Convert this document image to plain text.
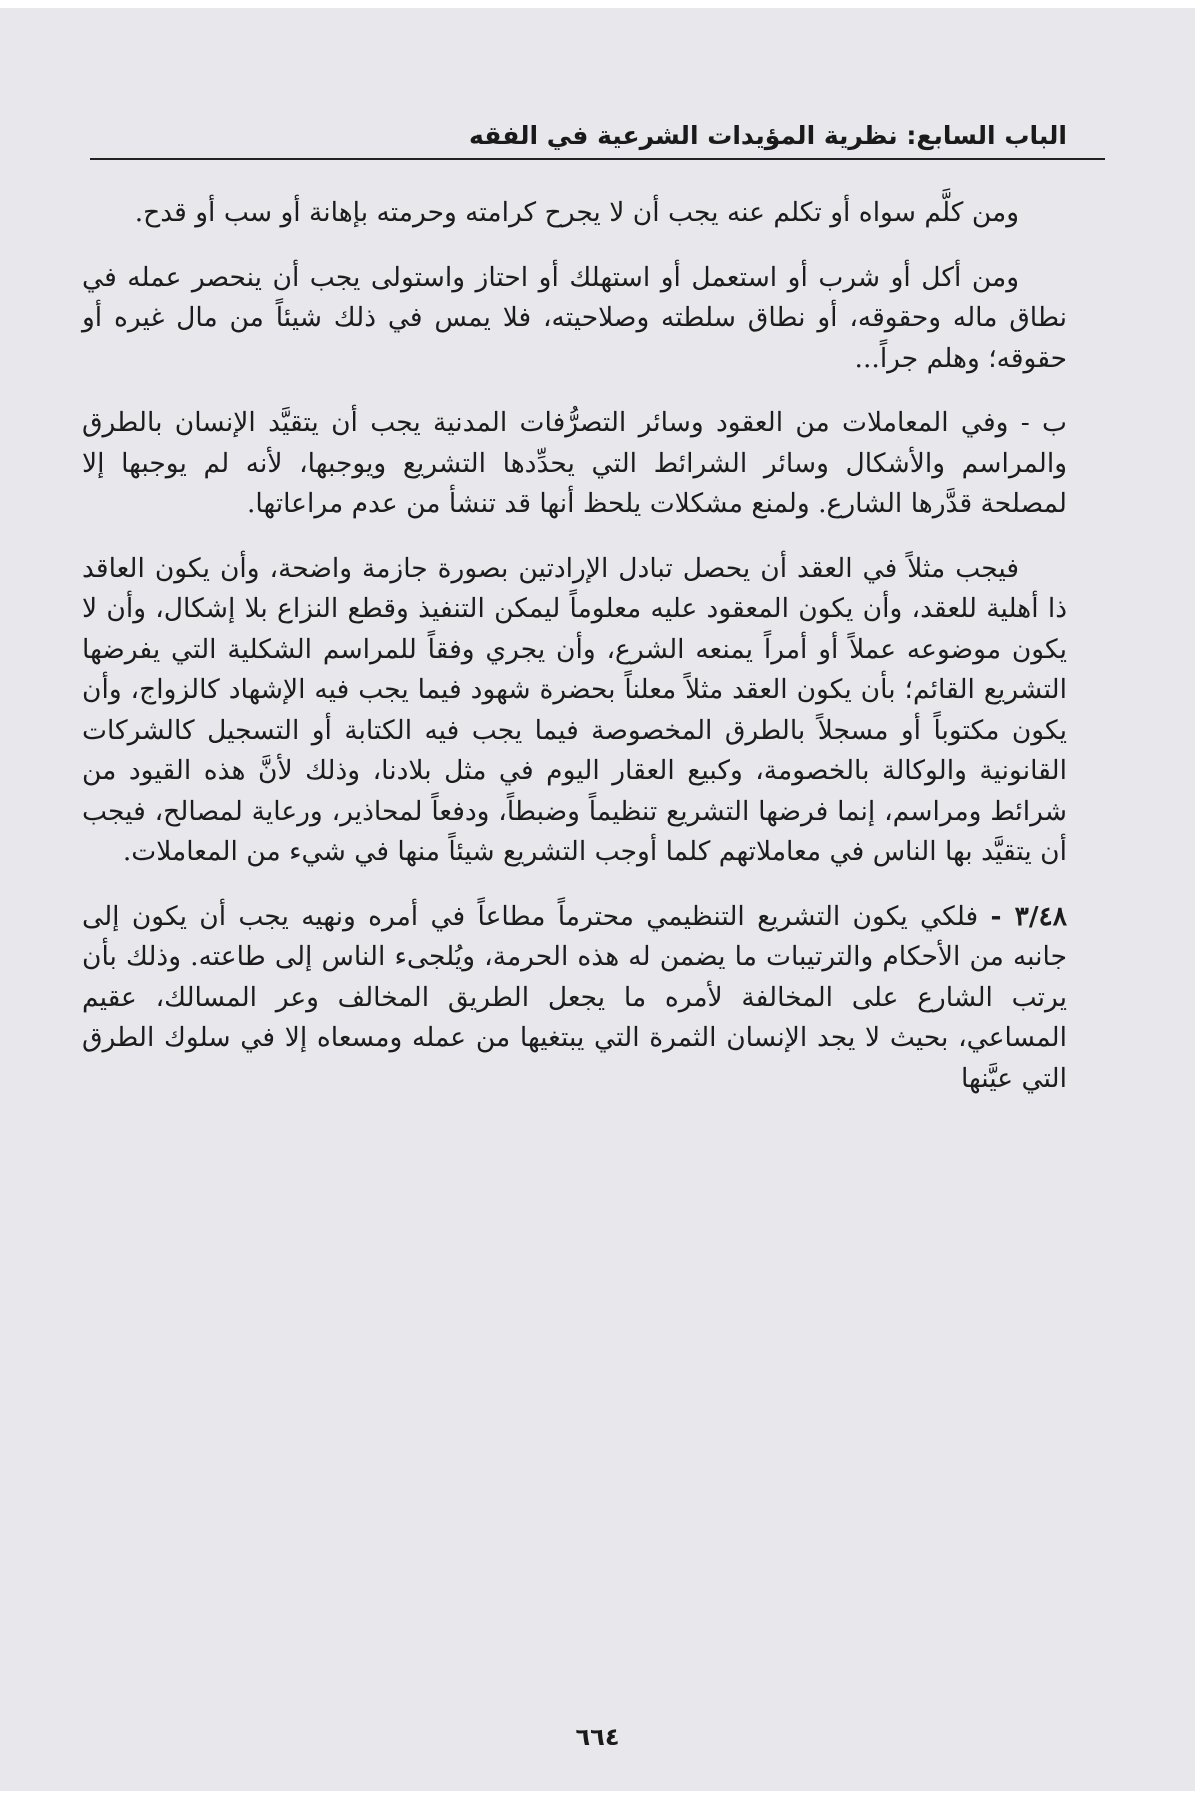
الباب السابع: نظرية المؤيدات الشرعية في الفقه

ومن كلَّم سواه أو تكلم عنه يجب أن لا يجرح كرامته وحرمته بإهانة أو سب أو قدح.

ومن أكل أو شرب أو استعمل أو استهلك أو احتاز واستولى يجب أن ينحصر عمله في نطاق ماله وحقوقه، أو نطاق سلطته وصلاحيته، فلا يمس في ذلك شيئاً من مال غيره أو حقوقه؛ وهلم جراً...

ب - وفي المعاملات من العقود وسائر التصرُّفات المدنية يجب أن يتقيَّد الإنسان بالطرق والمراسم والأشكال وسائر الشرائط التي يحدِّدها التشريع ويوجبها، لأنه لم يوجبها إلا لمصلحة قدَّرها الشارع. ولمنع مشكلات يلحظ أنها قد تنشأ من عدم مراعاتها.

فيجب مثلاً في العقد أن يحصل تبادل الإرادتين بصورة جازمة واضحة، وأن يكون العاقد ذا أهلية للعقد، وأن يكون المعقود عليه معلوماً ليمكن التنفيذ وقطع النزاع بلا إشكال، وأن لا يكون موضوعه عملاً أو أمراً يمنعه الشرع، وأن يجري وفقاً للمراسم الشكلية التي يفرضها التشريع القائم؛ بأن يكون العقد مثلاً معلناً بحضرة شهود فيما يجب فيه الإشهاد كالزواج، وأن يكون مكتوباً أو مسجلاً بالطرق المخصوصة فيما يجب فيه الكتابة أو التسجيل كالشركات القانونية والوكالة بالخصومة، وكبيع العقار اليوم في مثل بلادنا، وذلك لأنَّ هذه القيود من شرائط ومراسم، إنما فرضها التشريع تنظيماً وضبطاً، ودفعاً لمحاذير، ورعاية لمصالح، فيجب أن يتقيَّد بها الناس في معاملاتهم كلما أوجب التشريع شيئاً منها في شيء من المعاملات.

٣/٤٨ - فلكي يكون التشريع التنظيمي محترماً مطاعاً في أمره ونهيه يجب أن يكون إلى جانبه من الأحكام والترتيبات ما يضمن له هذه الحرمة، ويُلجىء الناس إلى طاعته. وذلك بأن يرتب الشارع على المخالفة لأمره ما يجعل الطريق المخالف وعر المسالك، عقيم المساعي، بحيث لا يجد الإنسان الثمرة التي يبتغيها من عمله ومسعاه إلا في سلوك الطرق التي عيَّنها

٦٦٤
